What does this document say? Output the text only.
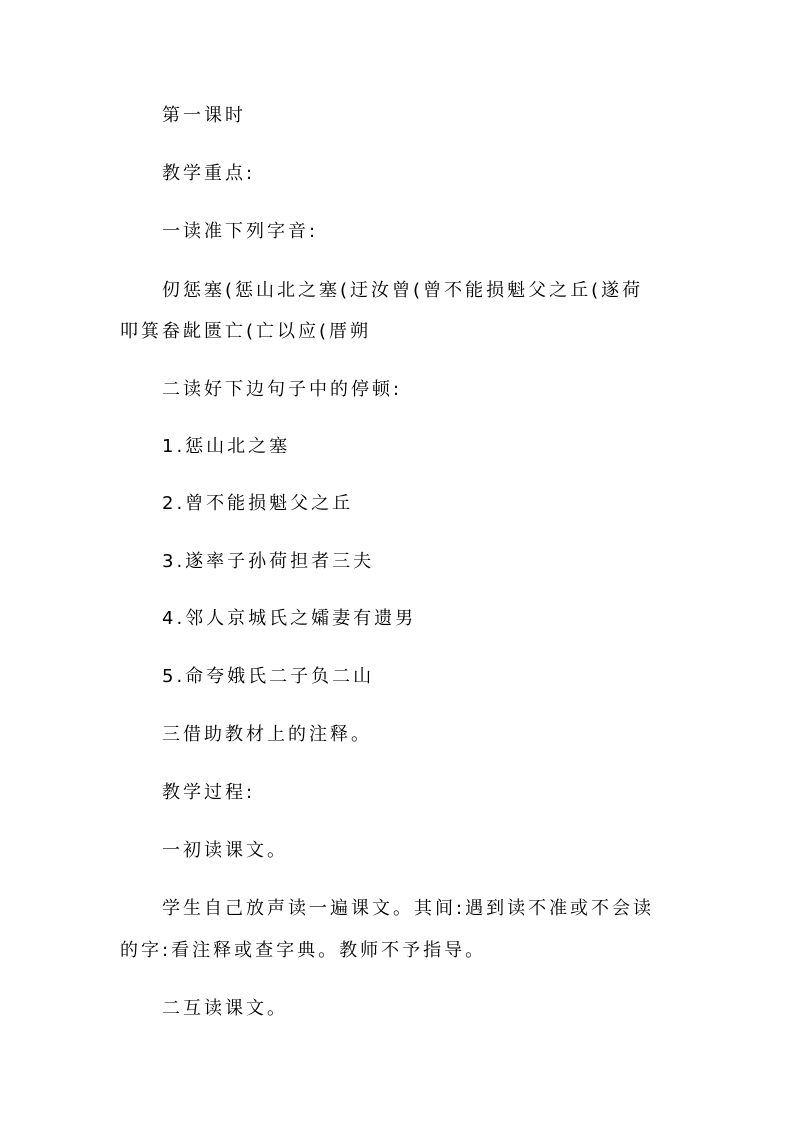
第一课时
教学重点:
一读准下列字音:
仞惩塞(惩山北之塞(迂汝曾(曾不能损魁父之丘(遂荷
叩箕畚龀匮亡(亡以应(厝朔
二读好下边句子中的停顿:
1.惩山北之塞
2.曾不能损魁父之丘
3.遂率子孙荷担者三夫
4.邻人京城氏之孀妻有遗男
5.命夸娥氏二子负二山
三借助教材上的注释。
教学过程:
一初读课文。
学生自己放声读一遍课文。其间:遇到读不准或不会读
的字:看注释或查字典。教师不予指导。
二互读课文。
